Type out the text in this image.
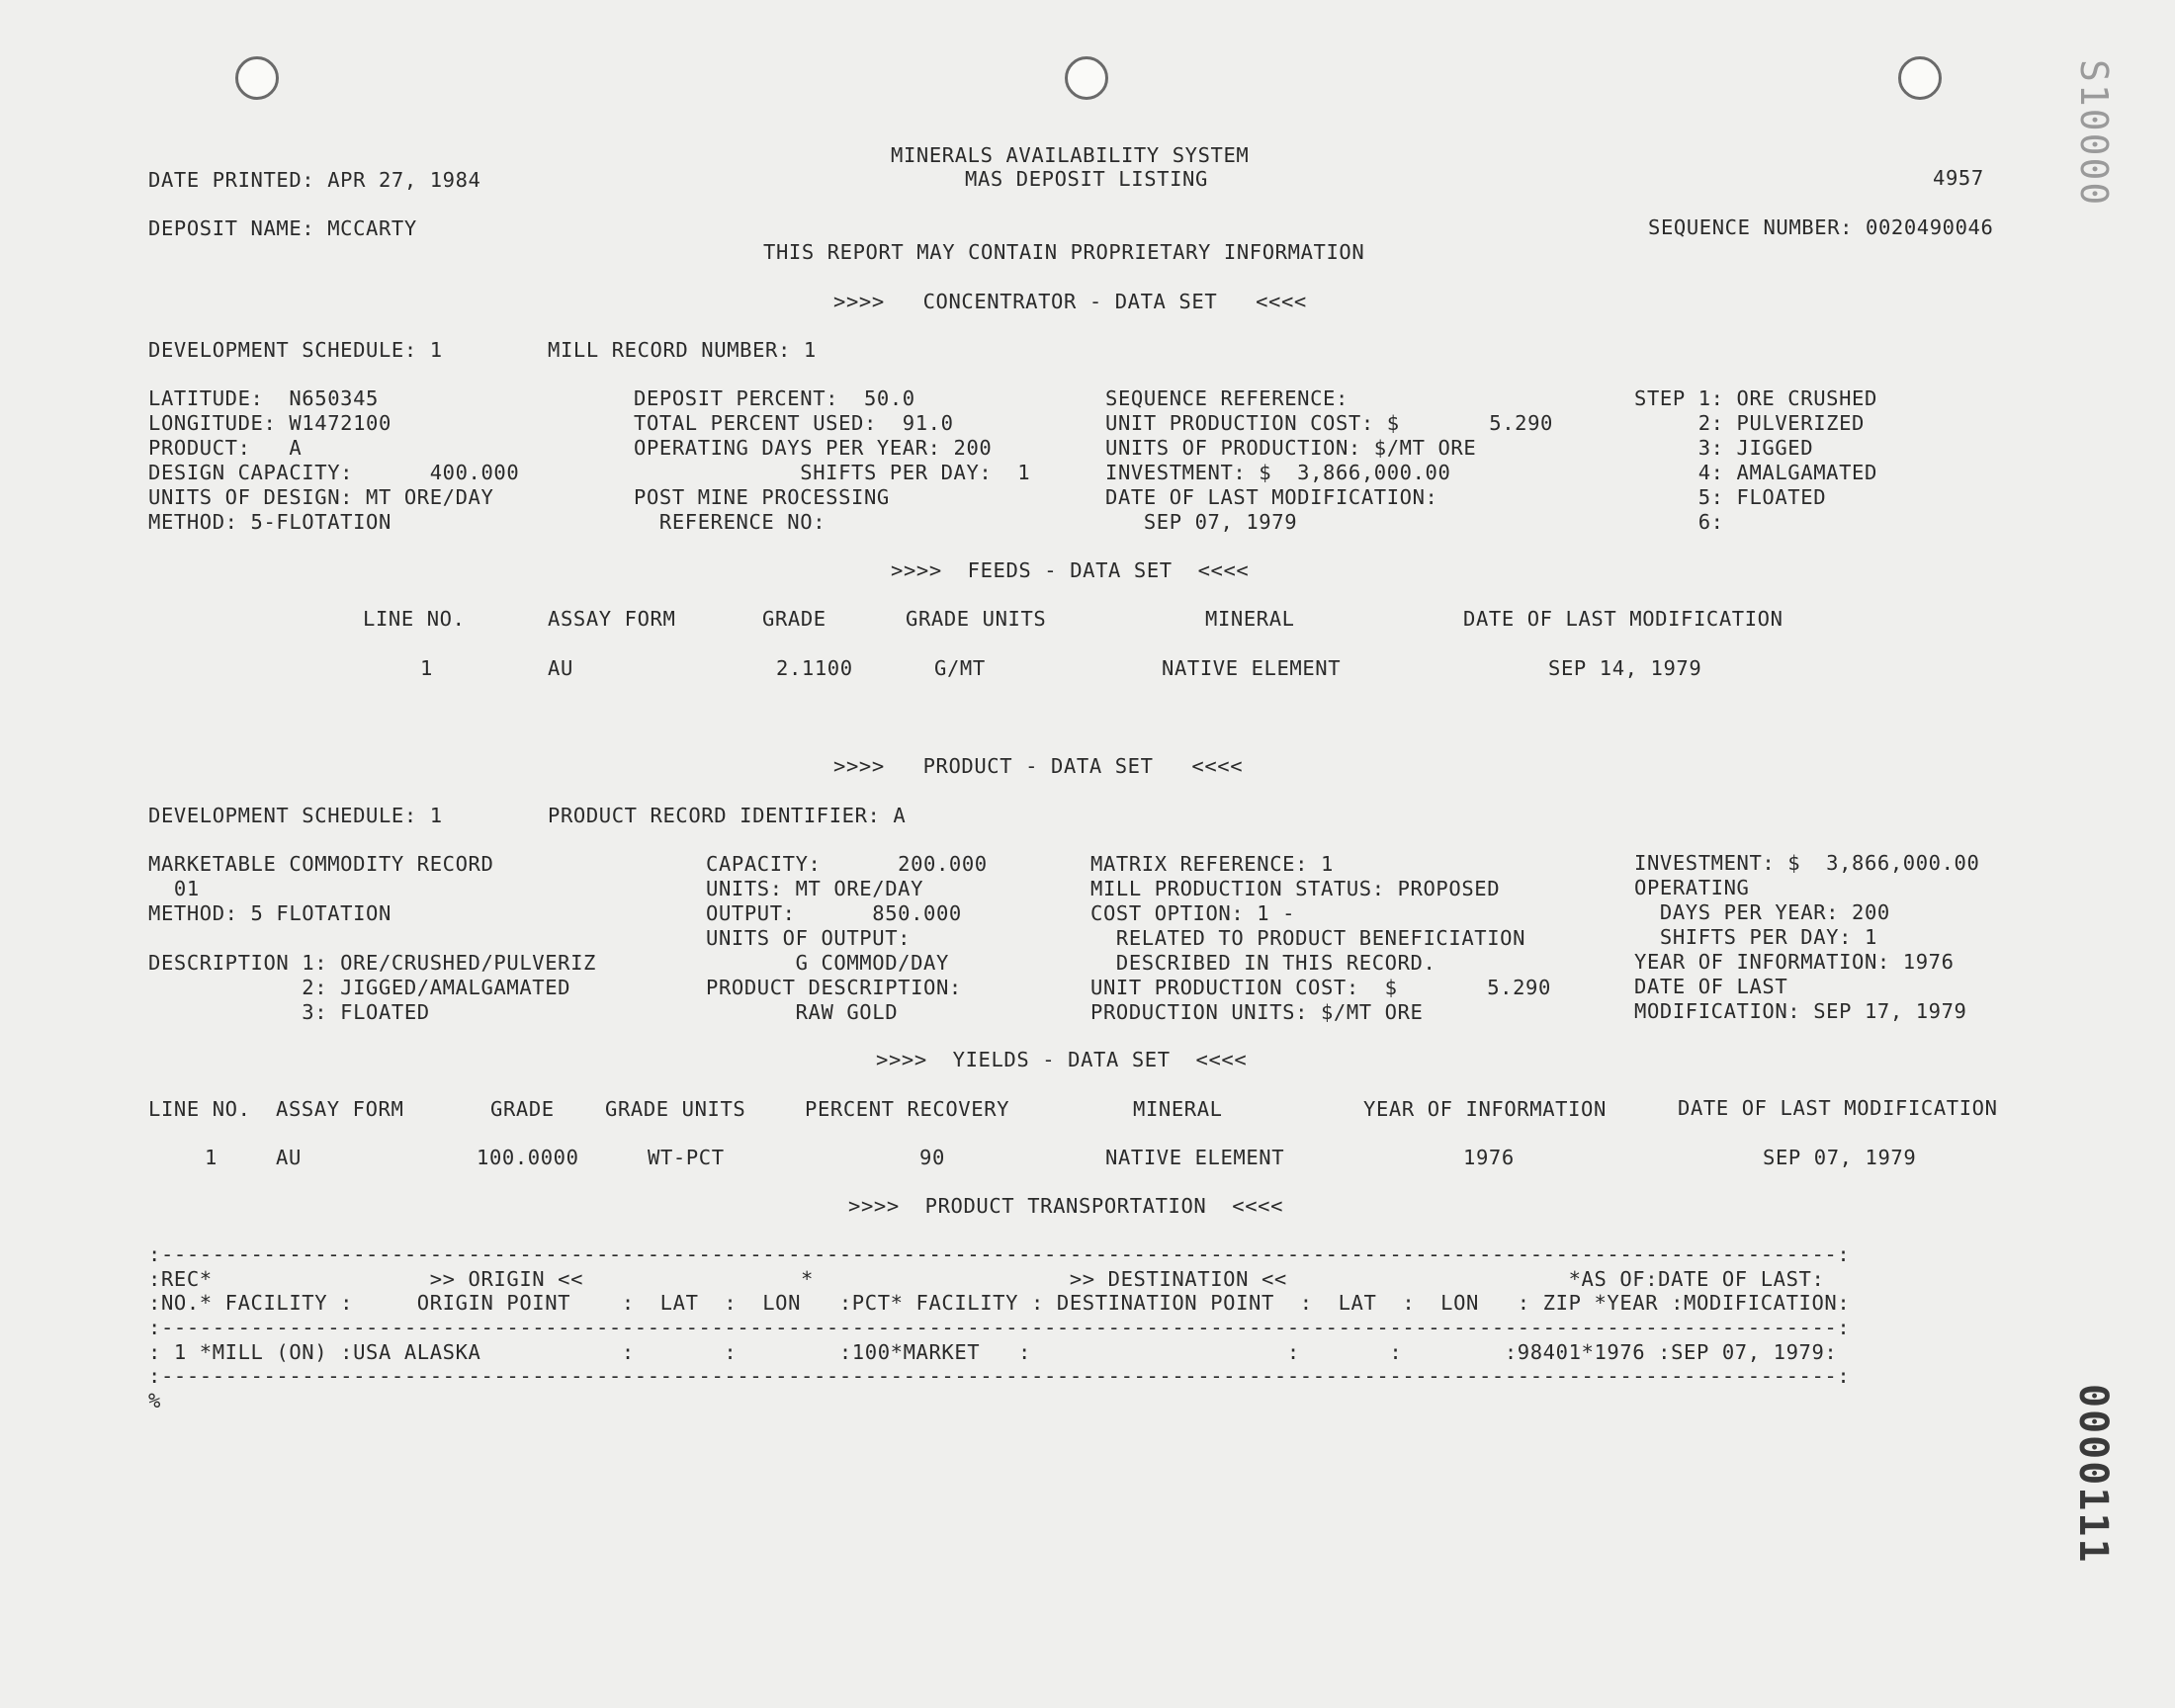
S10000
0000111
MINERALS AVAILABILITY SYSTEM
MAS DEPOSIT LISTING
DATE PRINTED: APR 27, 1984	4957
DEPOSIT NAME: MCCARTY	SEQUENCE NUMBER: 0020490046
THIS REPORT MAY CONTAIN PROPRIETARY INFORMATION
>>>>   CONCENTRATOR - DATA SET   <<<<
DEVELOPMENT SCHEDULE: 1	MILL RECORD NUMBER: 1
LATITUDE:  N650345
LONGITUDE: W1472100
PRODUCT:   A
DESIGN CAPACITY:      400.000
UNITS OF DESIGN: MT ORE/DAY
METHOD: 5-FLOTATION
DEPOSIT PERCENT:  50.0
TOTAL PERCENT USED:  91.0
OPERATING DAYS PER YEAR: 200
SHIFTS PER DAY:  1
POST MINE PROCESSING
REFERENCE NO:
SEQUENCE REFERENCE:
UNIT PRODUCTION COST: $       5.290
UNITS OF PRODUCTION: $/MT ORE
INVESTMENT: $  3,866,000.00
DATE OF LAST MODIFICATION:
SEP 07, 1979
STEP 1: ORE CRUSHED
2: PULVERIZED
3: JIGGED
4: AMALGAMATED
5: FLOATED
6:
>>>>  FEEDS - DATA SET  <<<<
LINE NO.	ASSAY FORM	GRADE	GRADE UNITS	MINERAL	DATE OF LAST MODIFICATION
1	AU	2.1100	G/MT	NATIVE ELEMENT	SEP 14, 1979
>>>>   PRODUCT - DATA SET   <<<<
DEVELOPMENT SCHEDULE: 1	PRODUCT RECORD IDENTIFIER: A
MARKETABLE COMMODITY RECORD
01
METHOD: 5 FLOTATION
DESCRIPTION 1: ORE/CRUSHED/PULVERIZ
2: JIGGED/AMALGAMATED
3: FLOATED
CAPACITY:      200.000
UNITS: MT ORE/DAY
OUTPUT:      850.000
UNITS OF OUTPUT:
G COMMOD/DAY
PRODUCT DESCRIPTION:
RAW GOLD
MATRIX REFERENCE: 1
MILL PRODUCTION STATUS: PROPOSED
COST OPTION: 1 -
RELATED TO PRODUCT BENEFICIATION
DESCRIBED IN THIS RECORD.
UNIT PRODUCTION COST:  $       5.290
PRODUCTION UNITS: $/MT ORE
INVESTMENT: $  3,866,000.00
OPERATING
DAYS PER YEAR: 200
SHIFTS PER DAY: 1
YEAR OF INFORMATION: 1976
DATE OF LAST
MODIFICATION: SEP 17, 1979
>>>>  YIELDS - DATA SET  <<<<
LINE NO. ASSAY FORM	GRADE	GRADE UNITS	PERCENT RECOVERY	MINERAL	YEAR OF INFORMATION	DATE OF LAST MODIFICATION
1	AU	100.0000	WT-PCT	90	NATIVE ELEMENT	1976	SEP 07, 1979
>>>>  PRODUCT TRANSPORTATION  <<<<
:-----------------------------------------------------------------------------------------------------------------------------------:
:REC*                 >> ORIGIN <<                 *                    >> DESTINATION <<                      *AS OF:DATE OF LAST:
:NO.* FACILITY :     ORIGIN POINT    :  LAT  :  LON   :PCT* FACILITY : DESTINATION POINT  :  LAT  :  LON   : ZIP *YEAR :MODIFICATION:
:-----------------------------------------------------------------------------------------------------------------------------------:
: 1 *MILL (ON) :USA ALASKA           :       :        :100*MARKET   :                    :       :        :98401*1976 :SEP 07, 1979:
:-----------------------------------------------------------------------------------------------------------------------------------:
%
